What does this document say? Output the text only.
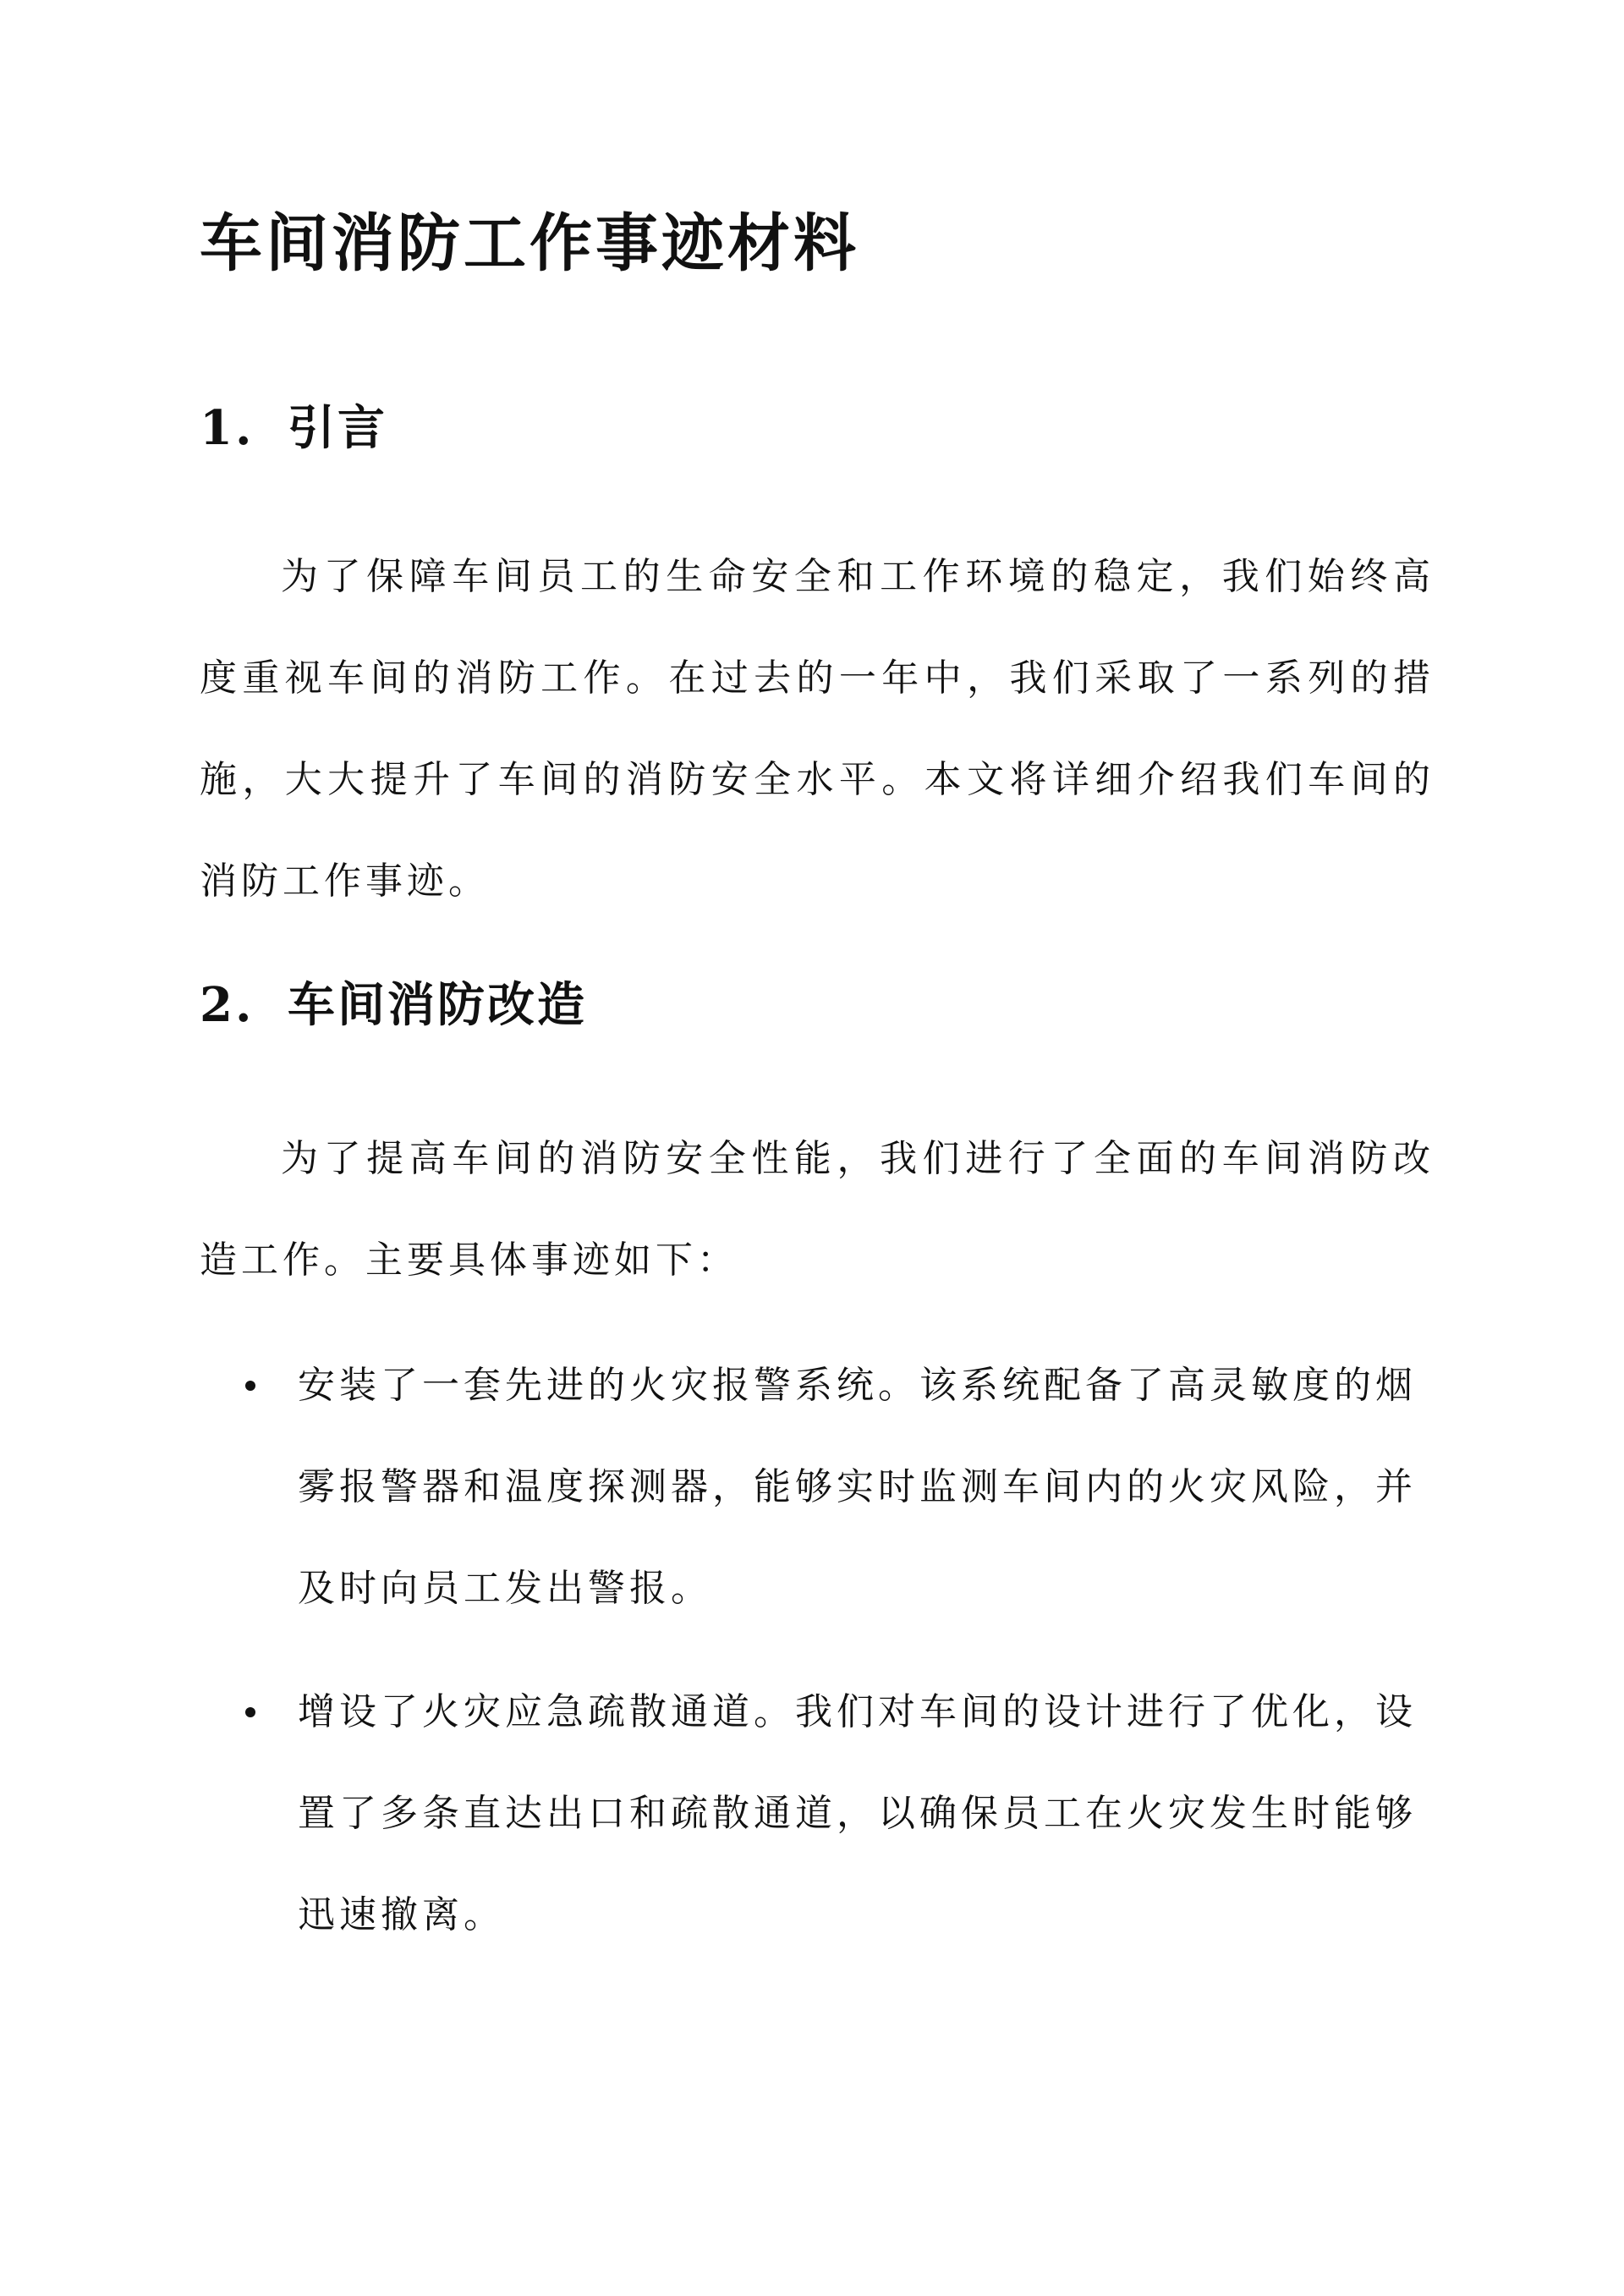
车间消防工作事迹材料
1. 引言

为了保障车间员工的生命安全和工作环境的稳定，我们始终高度重视车间的消防工作。在过去的一年中，我们采取了一系列的措施，大大提升了车间的消防安全水平。本文将详细介绍我们车间的消防工作事迹。

2. 车间消防改造

为了提高车间的消防安全性能，我们进行了全面的车间消防改造工作。主要具体事迹如下：

安装了一套先进的火灾报警系统。该系统配备了高灵敏度的烟雾报警器和温度探测器，能够实时监测车间内的火灾风险，并及时向员工发出警报。
增设了火灾应急疏散通道。我们对车间的设计进行了优化，设置了多条直达出口和疏散通道，以确保员工在火灾发生时能够迅速撤离。
